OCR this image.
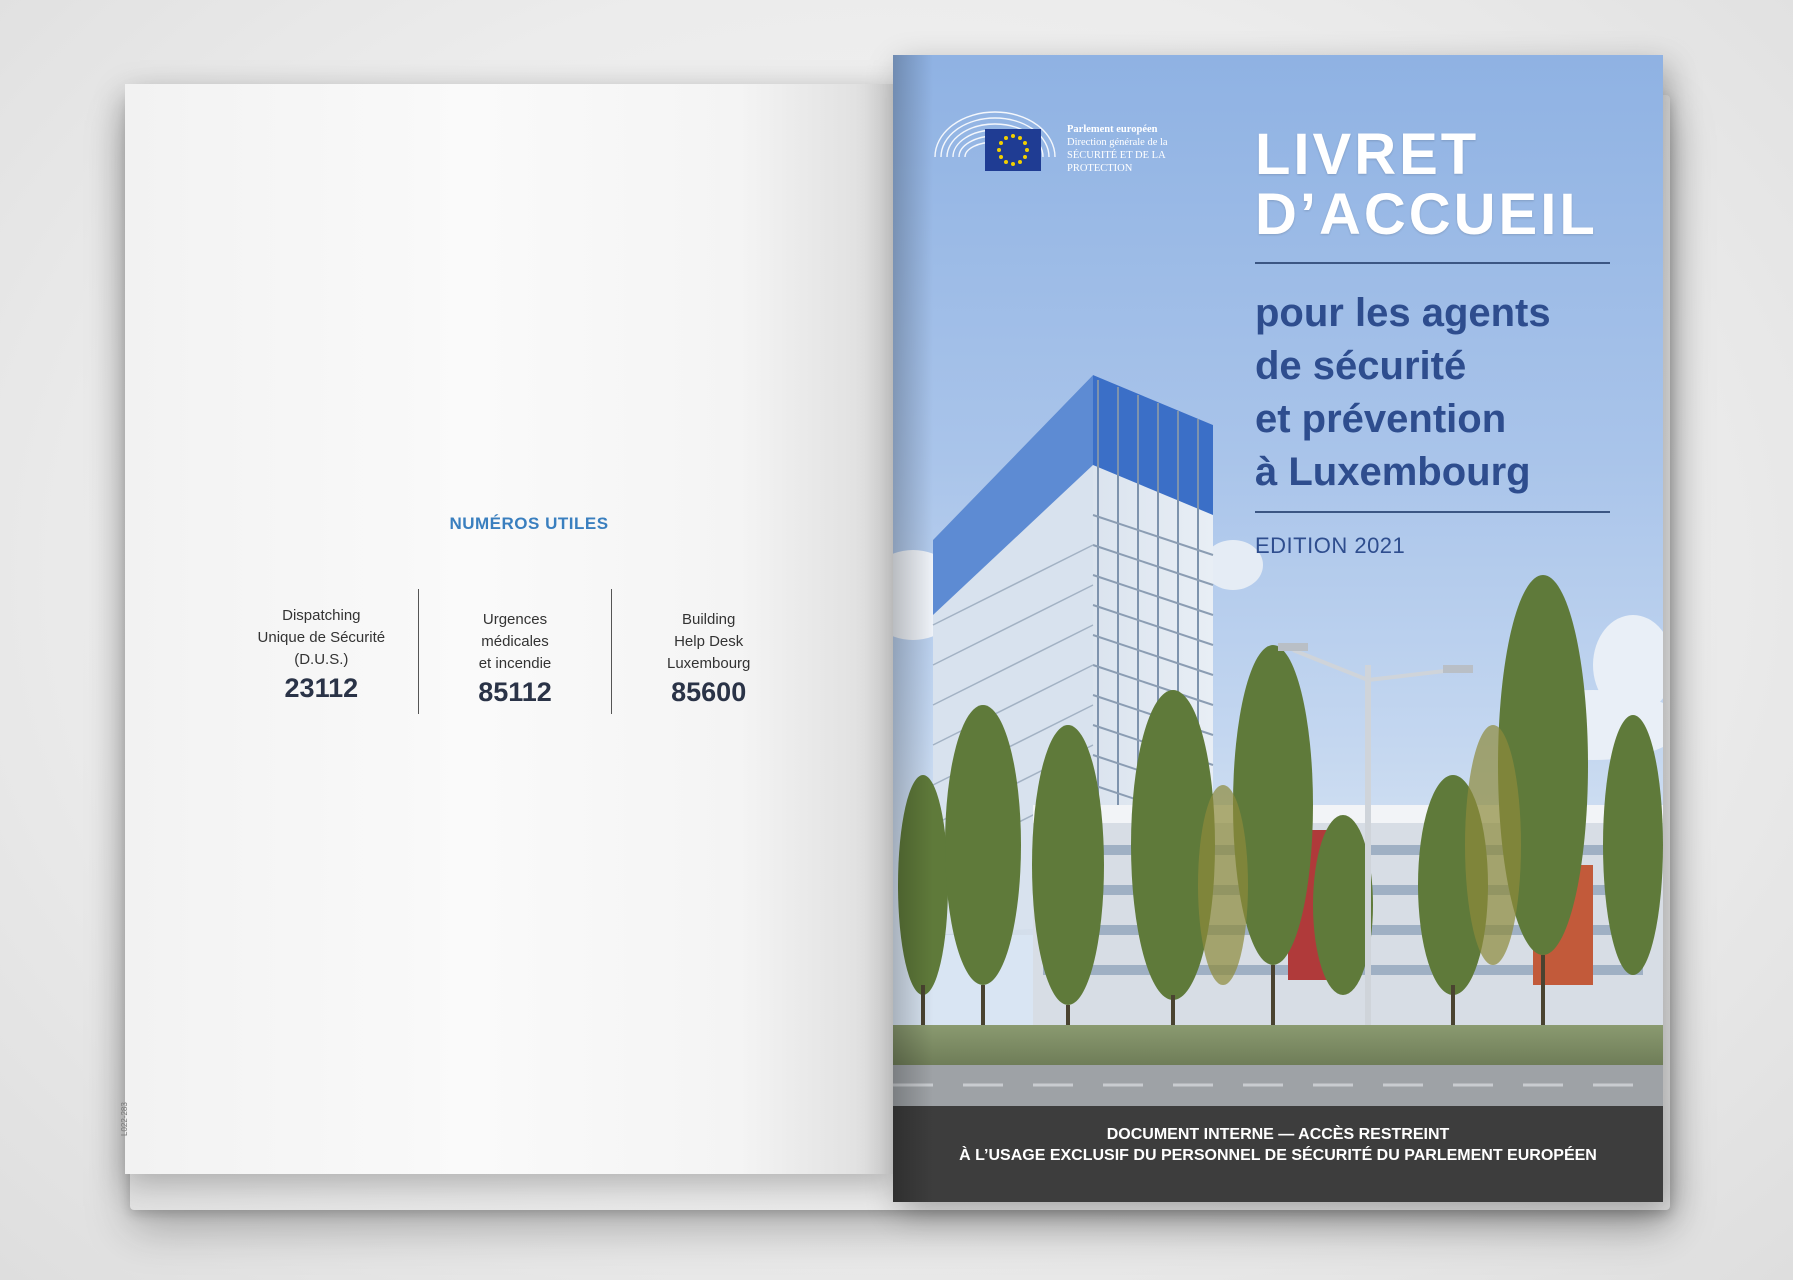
NUMÉROS UTILES
Dispatching
Unique de Sécurité
(D.U.S.)
23112
Urgences
médicales
et incendie
85112
Building
Help Desk
Luxembourg
85600
L022-283
Parlement européen
Direction générale de la
SÉCURITÉ ET DE LA
PROTECTION	LIVRET
D’ACCUEIL
pour les agents
de sécurité
et prévention
à Luxembourg
EDITION 2021
DOCUMENT INTERNE — ACCÈS RESTREINT
À L’USAGE EXCLUSIF DU PERSONNEL DE SÉCURITÉ DU PARLEMENT EUROPÉEN
